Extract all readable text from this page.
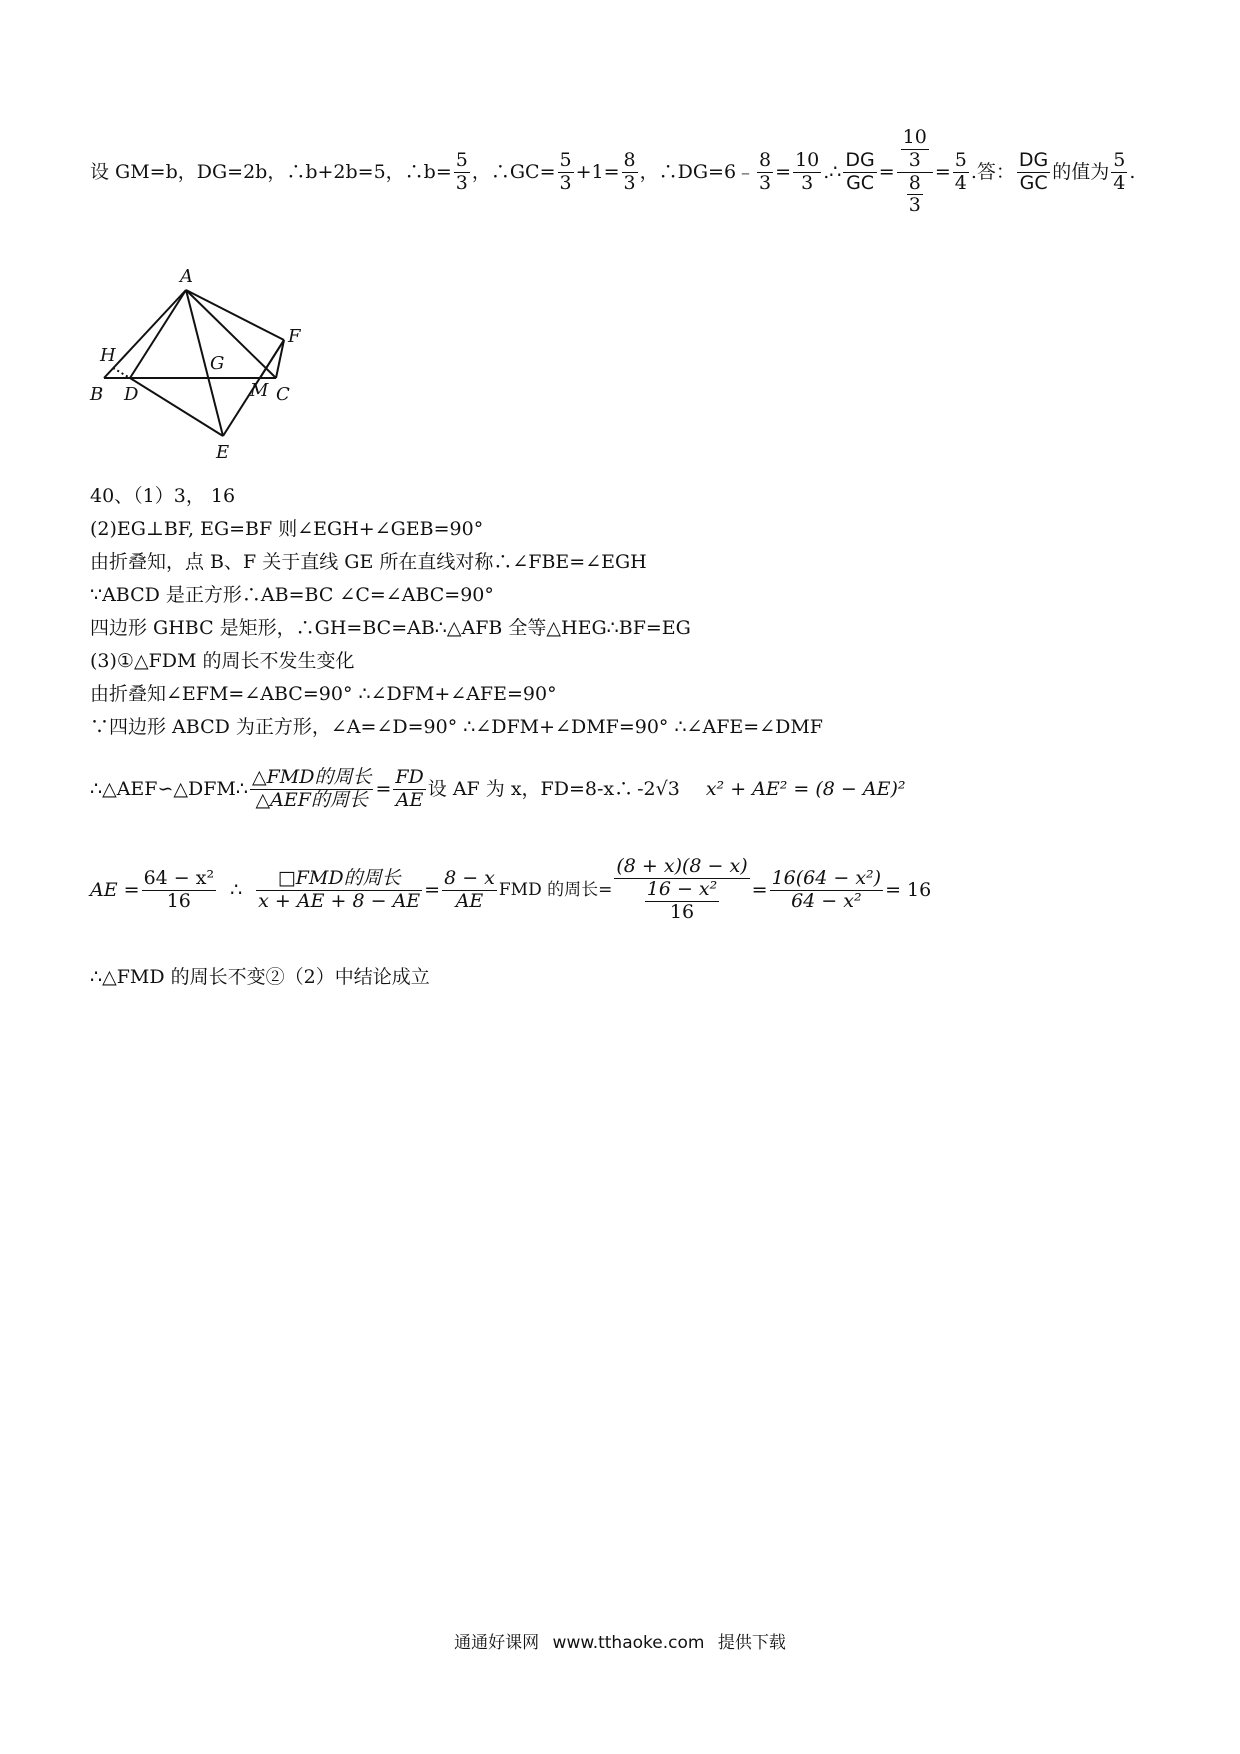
设 GM=b，DG=2b，∴b+2b=5，∴b= $\frac{5}{3}$ ，∴GC= $\frac{5}{3} +1= \frac{8}{3}$ ，∴DG=6﹣ $\frac{8}{3} = \frac{10}{3}$ .∴ $\frac{DG}{GC} = \frac{\frac{10}{3}}{\frac{8}{3}} = \frac{5}{4}$ .答： $\frac{DG}{GC}$ 的值为 $\frac{5}{4}$ .
A
H	G
F
B D	M C
E
40、（1）3， 16
(2)EG⊥BF, EG=BF 则∠EGH+∠GEB=90°
由折叠知，点 B、F 关于直线 GE 所在直线对称∴∠FBE=∠EGH
∵ABCD 是正方形∴AB=BC ∠C=∠ABC=90°
四边形 GHBC 是矩形，∴GH=BC=AB∴△AFB 全等△HEG∴BF=EG
(3)①△FDM 的周长不发生变化
由折叠知∠EFM=∠ABC=90° ∴∠DFM+∠AFE=90°
∵四边形 ABCD 为正方形，∠A=∠D=90° ∴∠DFM+∠DMF=90° ∴∠AFE=∠DMF
∴△AEF∽△DFM∴ $\frac{\text{△FMD的周长}}{\text{△AEF的周长}} = \frac{FD}{AE}$ 设 AF 为 x，FD=8-x∴ -2√3 x² + AE² = (8 − AE)²
AE = $\frac{\text{64 − x²}}{16}$ ∴ $\frac{\text{□FMD的周长}}{x + AE + 8 - AE} = \frac{8 - x}{AE}$ FMD 的周长= $\frac{(8 + x)(8 - x)}{\frac{\text{16 − x²}}{16}} = \frac{\text{16(64 − x²)}}{\text{64 − x²}} = 16$
∴△FMD 的周长不变②（2）中结论成立
通通好课网 www.tthaoke.com 提供下载
